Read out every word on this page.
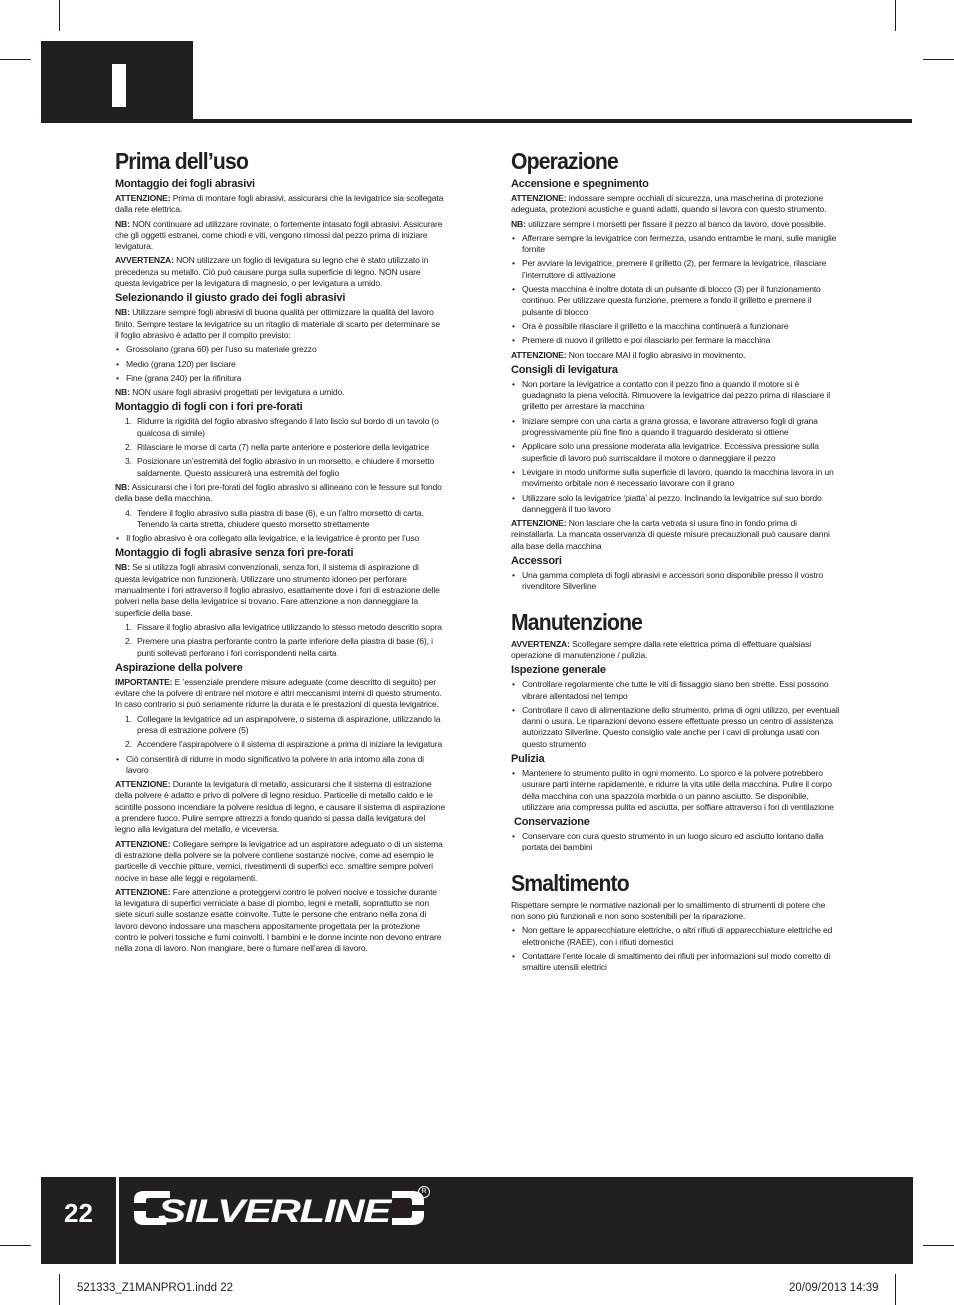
Prima dell’uso
Montaggio dei fogli abrasivi

ATTENZIONE: Prima di montare fogli abrasivi, assicurarsi che la levigatrice sia scollegata dalla rete elettrica.

NB: NON continuare ad utilizzare rovinate, o fortemente intasato fogli abrasivi. Assicurare che gli oggetti estranei, come chiodi e viti, vengono rimossi dal pezzo prima di iniziare levigatura.

AVVERTENZA: NON utilizzare un foglio di levigatura su legno che è stato utilizzato in precedenza su metallo. Ciò può causare purga sulla superficie di legno. NON usare questa levigatrice per la levigatura di magnesio, o per levigatura a umido.

Selezionando il giusto grado dei fogli abrasivi

NB: Utilizzare sempre fogli abrasivi di buona qualità per ottimizzare la qualità del lavoro finito. Sempre testare la levigatrice su un ritaglio di materiale di scarto per determinare se il foglio abrasivo è adatto per il compito previsto:

• Grossolano (grana 60) per l’uso su materiale grezzo
• Medio (grana 120) per lisciare
• Fine (grana 240) per la rifinitura

NB: NON usare fogli abrasivi progettati per levigatura a umido.

Montaggio di fogli con i fori pre-forati
1. Ridurre la rigidità del foglio abrasivo sfregando il lato liscio sul bordo di un tavolo (o qualcosa di simile)
2. Rilasciare le morse di carta (7) nella parte anteriore e posteriore della levigatrice
3. Posizionare un’estremità del foglio abrasivo in un morsetto, e chiudere il morsetto saldamente. Questo assicurerà una estremità del foglio

NB: Assicurarsi che i fori pre-forati del foglio abrasivo si allineano con le fessure sul fondo della base della macchina.

4. Tendere il foglio abrasivo sulla piastra di base (6), e un l’altro morsetto di carta. Tenendo la carta stretta, chiudere questo morsetto strettamente
• Il foglio abrasivo è ora collegato alla levigatrice, e la levigatrice è pronto per l’uso
Montaggio di fogli abrasive senza fori pre-forati

NB: Se si utilizza fogli abrasivi convenzionali, senza fori, il sistema di aspirazione di questa levigatrice non funzionerà. Utilizzare uno strumento idoneo per perforare manualmente i fori attraverso il foglio abrasivo, esattamente dove i fori di estrazione delle polveri nella base della levigatrice si trovano. Fare attenzione a non danneggiare la superficie della base.

1. Fissare il foglio abrasivo alla levigatrice utilizzando lo stesso metodo descritto sopra
2. Premere una piastra perforante contro la parte inferiore della piastra di base (6), i punti sollevati perforano i fori corrispondenti nella carta
Aspirazione della polvere

IMPORTANTE: E ’essenziale prendere misure adeguate (come descritto di seguito) per evitare che la polvere di entrare nel motore e altri meccanismi interni di questo strumento. In caso contrario si può seriamente ridurre la durata e le prestazioni di questa levigatrice.

1. Collegare la levigatrice ad un aspirapolvere, o sistema di aspirazione, utilizzando la presa di estrazione polvere (5)
2. Accendere l’aspirapolvere o il sistema di aspirazione a prima di iniziare la levigatura
• Ciò consentirà di ridurre in modo significativo la polvere in aria intorno alla zona di lavoro

ATTENZIONE: Durante la levigatura di metallo, assicurarsi che il sistema di estrazione della polvere è adatto e privo di polvere di legno residuo. Particelle di metallo caldo e le scintille possono incendiare la polvere residua di legno, e causare il sistema di aspirazione a prendere fuoco. Pulire sempre attrezzi a fondo quando si passa dalla levigatura del legno alla levigatura del metallo, e viceversa.

ATTENZIONE: Collegare sempre la levigatrice ad un aspiratore adeguato o di un sistema di estrazione della polvere se la polvere contiene sostanze nocive, come ad esempio le particelle di vecchie pitture, vernici, rivestimenti di superfici ecc. smaltire sempre polveri nocive in base alle leggi e regolamenti.

ATTENZIONE: Fare attenzione a proteggervi contro le polveri nocive e tossiche durante la levigatura di superfici verniciate a base di piombo, legni e metalli, soprattutto se non siete sicuri sulle sostanze esatte coinvolte. Tutte le persone che entrano nella zona di lavoro devono indossare una maschera appositamente progettata per la protezione contro le polveri tossiche e fumi coinvolti. I bambini e le donne incinte non devono entrare nella zona di lavoro. Non mangiare, bere o fumare nell’area di lavoro.

Operazione
Accensione e spegnimento

ATTENZIONE: indossare sempre occhiali di sicurezza, una mascherina di protezione adeguata, protezioni acustiche e guanti adatti, quando si lavora con questo strumento.

NB: utilizzare sempre i morsetti per fissare il pezzo al banco da lavoro, dove possibile.

• Afferrare sempre la levigatrice con fermezza, usando entrambe le mani, sulle maniglie fornite
• Per avviare la levigatrice, premere il grilletto (2), per fermare la levigatrice, rilasciare l’interruttore di attivazione
• Questa macchina è inoltre dotata di un pulsante di blocco (3) per il funzionamento continuo. Per utilizzare questa funzione, premere a fondo il grilletto e premere il pulsante di blocco
• Ora è possibile rilasciare il grilletto e la macchina continuerà a funzionare
• Premere di nuovo il grilletto e poi rilasciarlo per fermare la macchina

ATTENZIONE: Non toccare MAI il foglio abrasivo in movimento.

Consigli di levigatura
• Non portare la levigatrice a contatto con il pezzo fino a quando il motore si è guadagnato la piena velocità. Rimuovere la levigatrice dal pezzo prima di rilasciare il grilletto per arrestare la macchina
• Iniziare sempre con una carta a grana grossa, e lavorare attraverso fogli di grana progressivamente più fine fino a quando il traguardo desiderato si ottiene
• Applicare solo una pressione moderata alla levigatrice. Eccessiva pressione sulla superficie di lavoro può surriscaldare il motore o danneggiare il pezzo
• Levigare in modo uniforme sulla superficie di lavoro, quando la macchina lavora in un movimento orbitale non è necessario lavorare con il grano
• Utilizzare solo la levigatrice ‘piatta’ al pezzo. Inclinando la levigatrice sul suo bordo danneggerà il tuo lavoro

ATTENZIONE: Non lasciare che la carta vetrata si usura fino in fondo prima di reinstallarla. La mancata osservanza di queste misure precauzionali può causare danni alla base della macchina

Accessori
• Una gamma completa di fogli abrasivi e accessori sono disponibile presso il vostro rivenditore Silverline
Manutenzione

AVVERTENZA: Scollegare sempre dalla rete elettrica prima di effettuare qualsiasi operazione di manutenzione / pulizia.

Ispezione generale
• Controllare regolarmente che tutte le viti di fissaggio siano ben strette. Essi possono vibrare allentadosi nel tempo
• Controllare il cavo di alimentazione dello strumento, prima di ogni utilizzo, per eventuali danni o usura. Le riparazioni devono essere effettuate presso un centro di assistenza autorizzato Silverline. Questo consiglio vale anche per i cavi di prolunga usati con questo strumento
Pulizia
• Mantenere lo strumento pulito in ogni momento. Lo sporco e la polvere potrebbero usurare parti interne rapidamente, e ridurre la vita utile della macchina. Pulire il corpo della macchina con una spazzola morbida o un panno asciutto. Se disponibile, utilizzare aria compressa pulita ed asciutta, per soffiare attraverso i fori di ventilazione
Conservazione
• Conservare con cura questo strumento in un luogo sicuro ed asciutto lontano dalla portata dei bambini
Smaltimento

Rispettare sempre le normative nazionali per lo smaltimento di strumenti di potere che non sono più funzionali e non sono sostenibili per la riparazione.

• Non gettare le apparecchiature elettriche, o altri rifiuti di apparecchiature elettriche ed elettroniche (RAEE), con i rifiuti domestici
• Contattare l’ente locale di smaltimento dei rifiuti per informazioni sul modo corretto di smaltire utensili elettrici
22	SILVERLINE
R
521333_Z1MANPRO1.indd 22	20/09/2013 14:39
